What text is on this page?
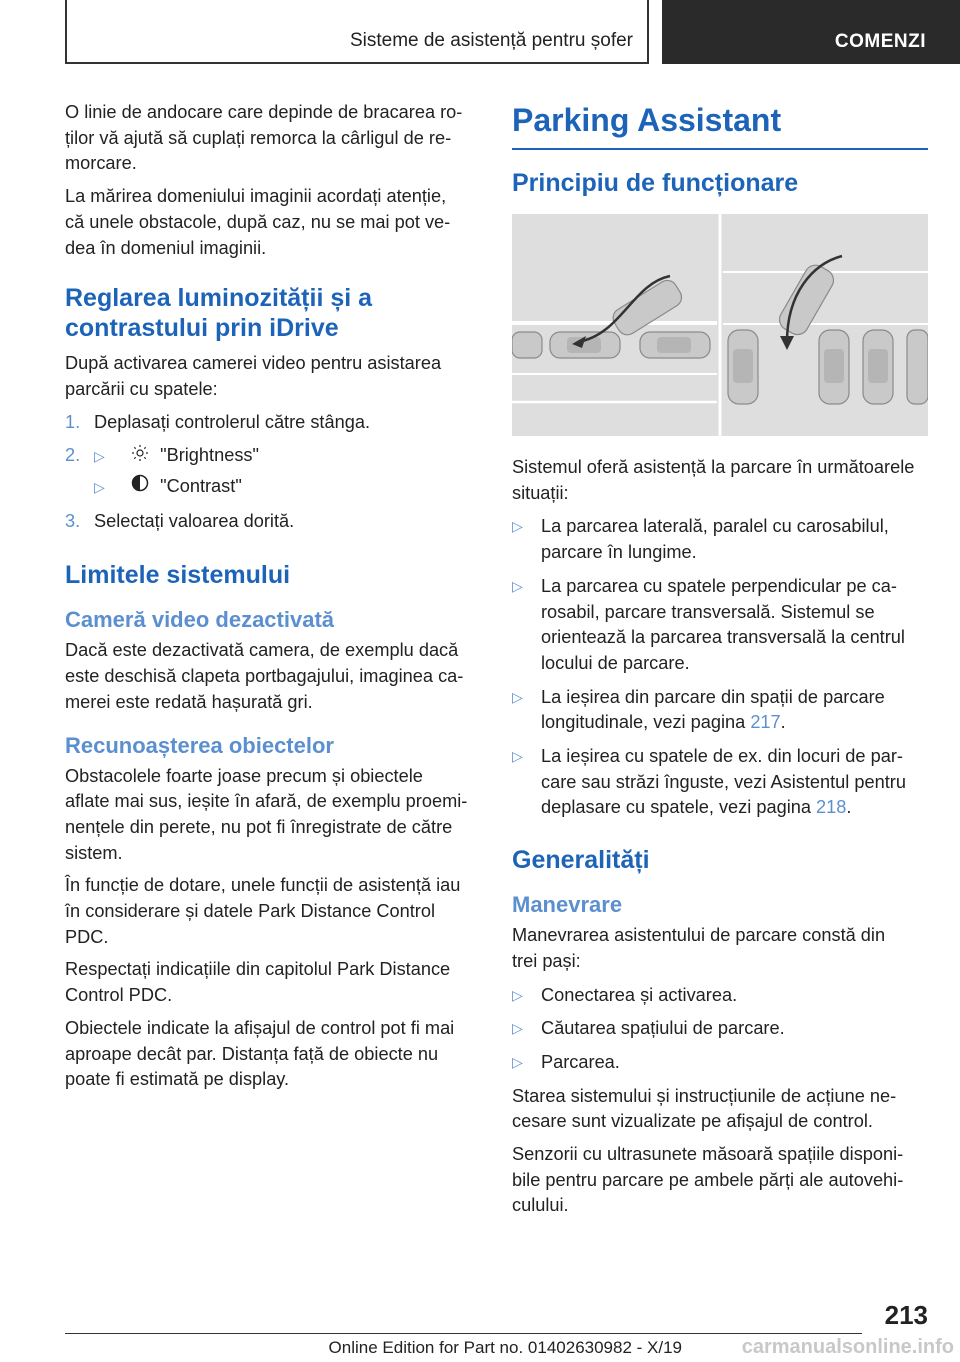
Sisteme de asistență pentru șofer	COMENZI

O linie de andocare care depinde de bracarea ro-
ților vă ajută să cuplați remorca la cârligul de re-
morcare.

La mărirea domeniului imaginii acordați atenție,
că unele obstacole, după caz, nu se mai pot ve-
dea în domeniul imaginii.

Reglarea luminozității și a
contrastului prin iDrive

După activarea camerei video pentru asistarea
parcării cu spatele:

1. Deplasați controlerul către stânga.
2. ▷	"Brightness"
▷	"Contrast"
3. Selectați valoarea dorită.
Limitele sistemului
Cameră video dezactivată

Dacă este dezactivată camera, de exemplu dacă
este deschisă clapeta portbagajului, imaginea ca-
merei este redată hașurată gri.

Recunoașterea obiectelor

Obstacolele foarte joase precum și obiectele
aflate mai sus, ieșite în afară, de exemplu proemi-
nențele din perete, nu pot fi înregistrate de către
sistem.

În funcție de dotare, unele funcții de asistență iau
în considerare și datele Park Distance Control
PDC.

Respectați indicațiile din capitolul Park Distance
Control PDC.

Obiectele indicate la afișajul de control pot fi mai
aproape decât par. Distanța față de obiecte nu
poate fi estimată pe display.

Parking Assistant
Principiu de funcționare

Sistemul oferă asistență la parcare în următoarele
situații:

▷ La parcarea laterală, paralel cu carosabilul,
parcare în lungime.
▷ La parcarea cu spatele perpendicular pe ca-
rosabil, parcare transversală. Sistemul se
orientează la parcarea transversală la centrul
locului de parcare.
▷ La ieșirea din parcare din spații de parcare
longitudinale, vezi pagina 217.
▷ La ieșirea cu spatele de ex. din locuri de par-
care sau străzi înguste, vezi Asistentul pentru
deplasare cu spatele, vezi pagina 218.
Generalități
Manevrare

Manevrarea asistentului de parcare constă din
trei pași:

▷ Conectarea și activarea.
▷ Căutarea spațiului de parcare.
▷ Parcarea.

Starea sistemului și instrucțiunile de acțiune ne-
cesare sunt vizualizate pe afișajul de control.

Senzorii cu ultrasunete măsoară spațiile disponi-
bile pentru parcare pe ambele părți ale autovehi-
culului.

213
Online Edition for Part no. 01402630982 - X/19	carmanualsonline.info
